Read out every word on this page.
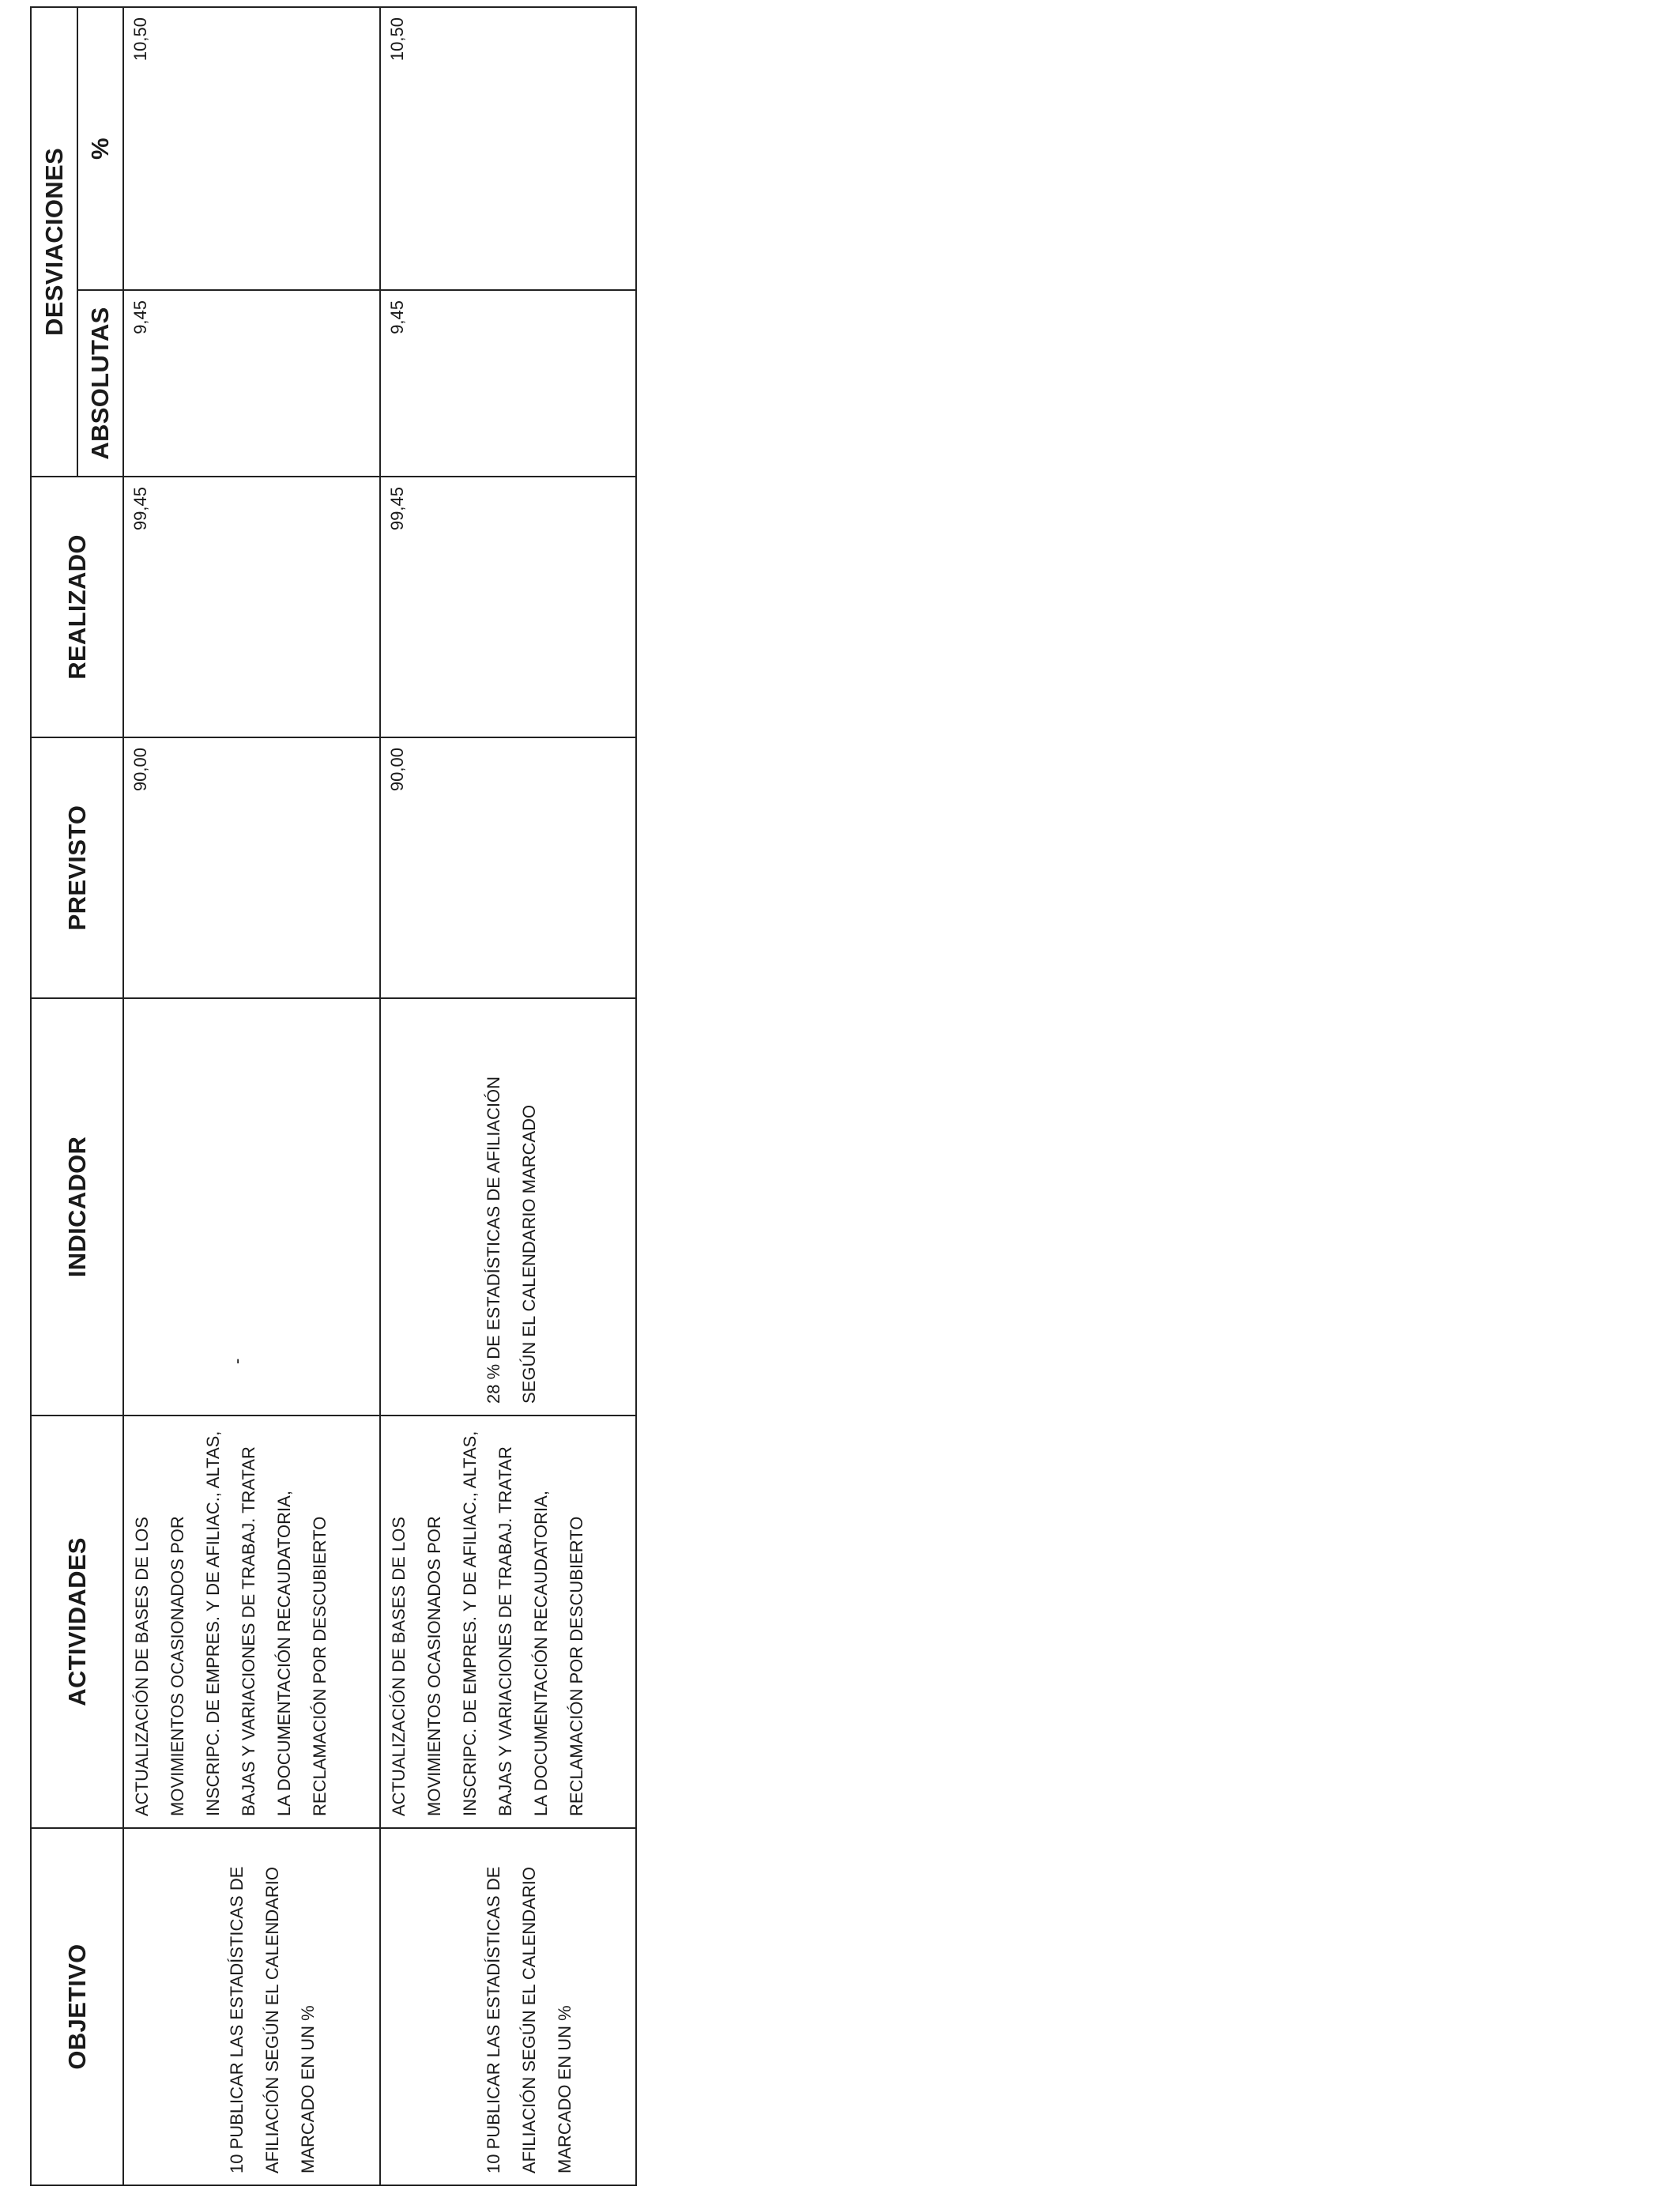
OBJETIVO	ACTIVIDADES	INDICADOR	PREVISTO	REALIZADO	DESVIACIONES	
					ABSOLUTAS	%

10 PUBLICAR LAS ESTADÍSTICAS DE AFILIACIÓN SEGÚN EL CALENDARIO MARCADO EN UN %	ACTUALIZACIÓN DE BASES DE LOS MOVIMIENTOS OCASIONADOS POR INSCRIPC. DE EMPRES. Y DE AFILIAC., ALTAS, BAJAS Y VARIACIONES DE TRABAJ. TRATAR LA DOCUMENTACIÓN RECAUDATORIA, RECLAMACIÓN POR DESCUBIERTO	-	90,00	99,45	9,45	10,50

10 PUBLICAR LAS ESTADÍSTICAS DE AFILIACIÓN SEGÚN EL CALENDARIO MARCADO EN UN %	ACTUALIZACIÓN DE BASES DE LOS MOVIMIENTOS OCASIONADOS POR INSCRIPC. DE EMPRES. Y DE AFILIAC., ALTAS, BAJAS Y VARIACIONES DE TRABAJ. TRATAR LA DOCUMENTACIÓN RECAUDATORIA, RECLAMACIÓN POR DESCUBIERTO	28 % DE ESTADÍSTICAS DE AFILIACIÓN SEGÚN EL CALENDARIO MARCADO	90,00	99,45	9,45	10,50
